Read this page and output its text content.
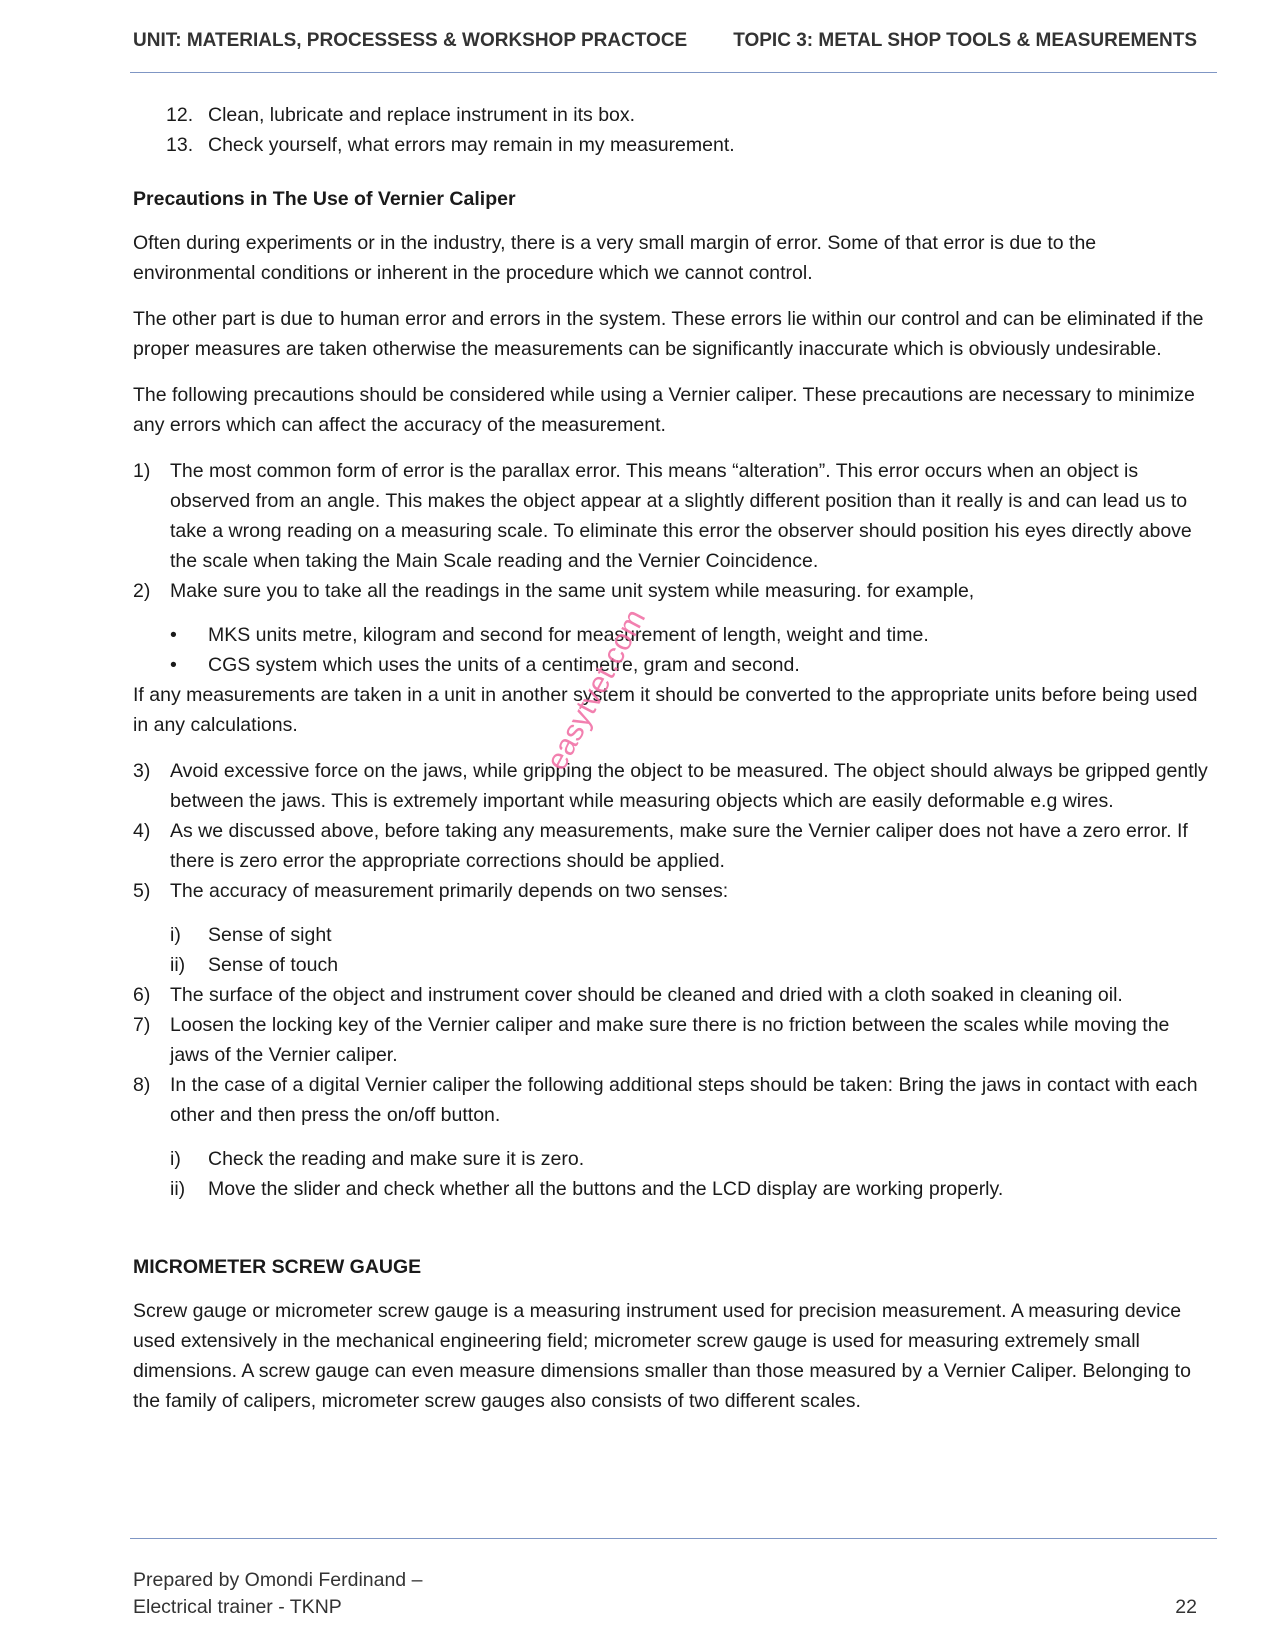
UNIT: MATERIALS, PROCESSESS & WORKSHOP PRACTOCE TOPIC 3: METAL SHOP TOOLS & MEASUREMENTS
12. Clean, lubricate and replace instrument in its box.
13. Check yourself, what errors may remain in my measurement.
Precautions in The Use of Vernier Caliper

Often during experiments or in the industry, there is a very small margin of error. Some of that error is due to the environmental conditions or inherent in the procedure which we cannot control.

The other part is due to human error and errors in the system. These errors lie within our control and can be eliminated if the proper measures are taken otherwise the measurements can be significantly inaccurate which is obviously undesirable.

The following precautions should be considered while using a Vernier caliper. These precautions are necessary to minimize any errors which can affect the accuracy of the measurement.

1) The most common form of error is the parallax error. This means “alteration”. This error occurs when an object is observed from an angle. This makes the object appear at a slightly different position than it really is and can lead us to take a wrong reading on a measuring scale. To eliminate this error the observer should position his eyes directly above the scale when taking the Main Scale reading and the Vernier Coincidence.
2) Make sure you to take all the readings in the same unit system while measuring. for example,
• MKS units metre, kilogram and second for measurement of length, weight and time.
• CGS system which uses the units of a centimetre, gram and second.

If any measurements are taken in a unit in another system it should be converted to the appropriate units before being used in any calculations.

3) Avoid excessive force on the jaws, while gripping the object to be measured. The object should always be gripped gently between the jaws. This is extremely important while measuring objects which are easily deformable e.g wires.
4) As we discussed above, before taking any measurements, make sure the Vernier caliper does not have a zero error. If there is zero error the appropriate corrections should be applied.
5) The accuracy of measurement primarily depends on two senses:
i) Sense of sight
ii) Sense of touch
6) The surface of the object and instrument cover should be cleaned and dried with a cloth soaked in cleaning oil.
7) Loosen the locking key of the Vernier caliper and make sure there is no friction between the scales while moving the jaws of the Vernier caliper.
8) In the case of a digital Vernier caliper the following additional steps should be taken: Bring the jaws in contact with each other and then press the on/off button.
i) Check the reading and make sure it is zero.
ii) Move the slider and check whether all the buttons and the LCD display are working properly.
MICROMETER SCREW GAUGE

Screw gauge or micrometer screw gauge is a measuring instrument used for precision measurement. A measuring device used extensively in the mechanical engineering field; micrometer screw gauge is used for measuring extremely small dimensions. A screw gauge can even measure dimensions smaller than those measured by a Vernier Caliper. Belonging to the family of calipers, micrometer screw gauges also consists of two different scales.

easytvet.com
Prepared by Omondi Ferdinand –
Electrical trainer - TKNP	22
